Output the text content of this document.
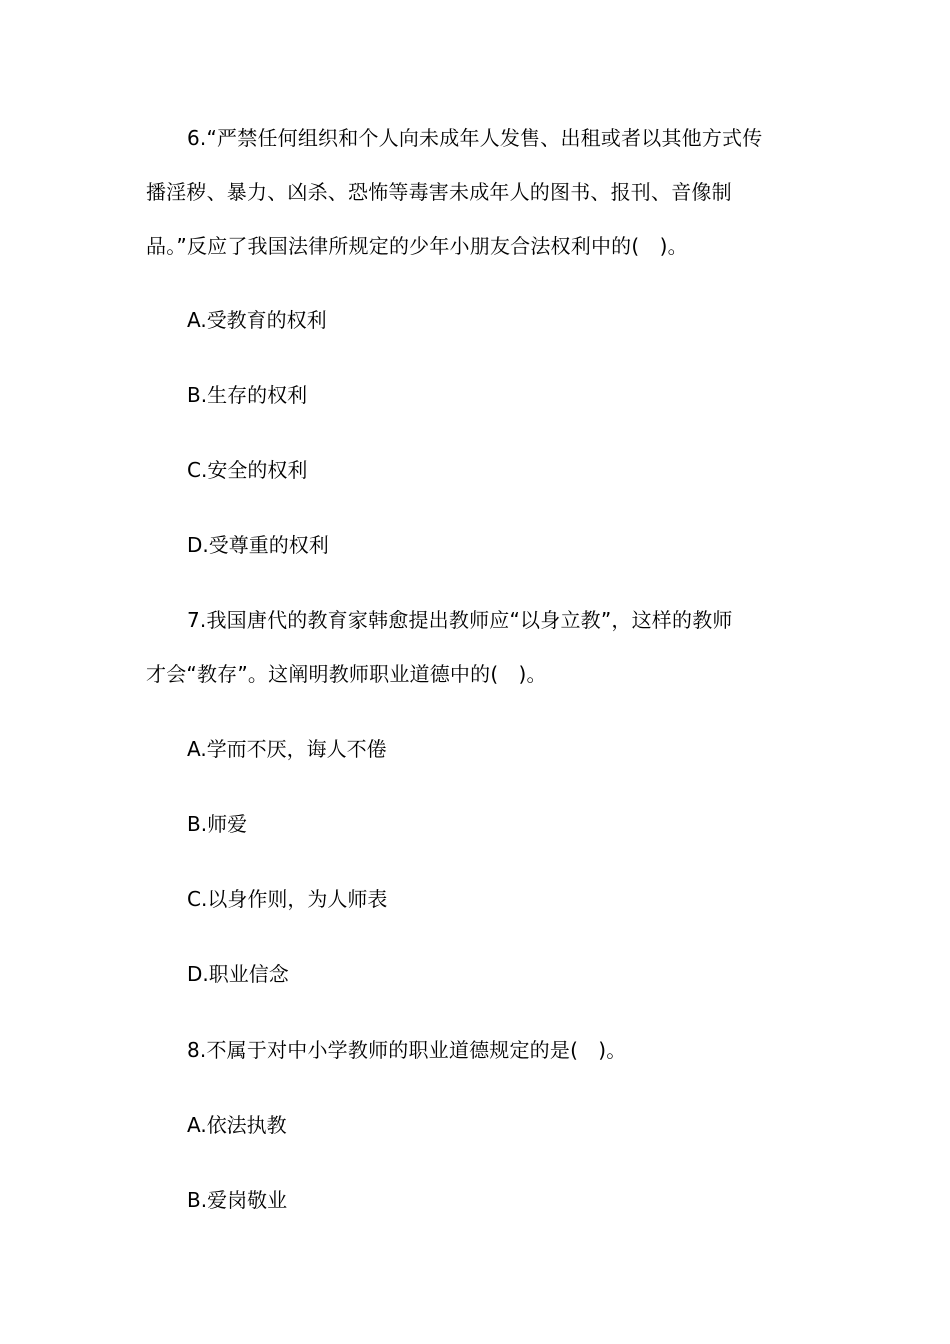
6.“严禁任何组织和个人向未成年人发售、出租或者以其他方式传
播淫秽、暴力、凶杀、恐怖等毒害未成年人的图书、报刊、音像制
品。”反应了我国法律所规定的少年小朋友合法权利中的(　)。
A.受教育的权利
B.生存的权利
C.安全的权利
D.受尊重的权利
7.我国唐代的教育家韩愈提出教师应“以身立教”，这样的教师
才会“教存”。这阐明教师职业道德中的(　)。
A.学而不厌，诲人不倦
B.师爱
C.以身作则，为人师表
D.职业信念
8.不属于对中小学教师的职业道德规定的是(　)。
A.依法执教
B.爱岗敬业
